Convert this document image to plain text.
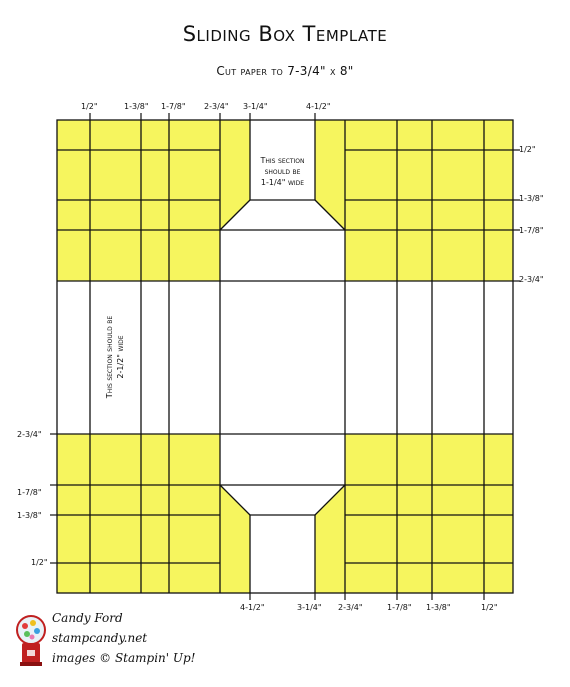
Sliding Box Template
Cut paper to 7-3/4" x 8"
1/2"	1-3/8" 1-7/8" 2-3/4" 3-1/4"	4-1/2"
4-1/2"	3-1/4" 2-3/4"	1-7/8" 1-3/8"	1/2"
1/2"
1-3/8"
1-7/8"
2-3/4"
2-3/4"
1-7/8"
1-3/8"
1/2"
This section
should be
1-1/4" wide
This section should be 2-1/2" wide
Candy Ford
stampcandy.net
images © Stampin' Up!
